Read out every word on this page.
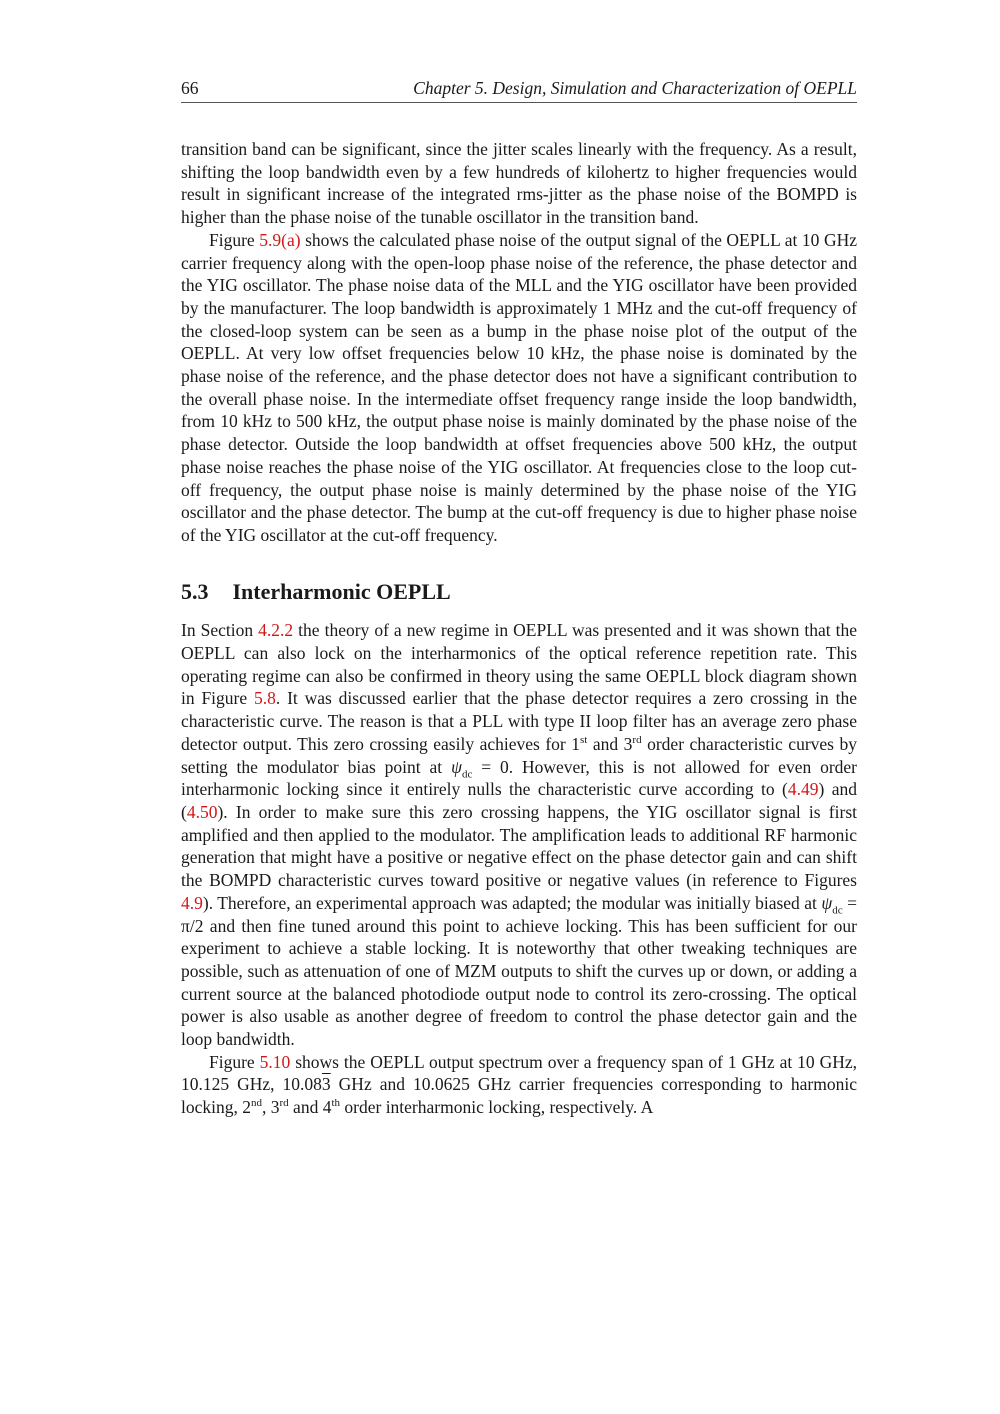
66	Chapter 5. Design, Simulation and Characterization of OEPLL

transition band can be significant, since the jitter scales linearly with the frequency. As a result, shifting the loop bandwidth even by a few hundreds of kilohertz to higher frequencies would result in significant increase of the integrated rms-jitter as the phase noise of the BOMPD is higher than the phase noise of the tunable oscillator in the transition band.

Figure 5.9(a) shows the calculated phase noise of the output signal of the OEPLL at 10 GHz carrier frequency along with the open-loop phase noise of the reference, the phase detector and the YIG oscillator. The phase noise data of the MLL and the YIG oscillator have been provided by the manufacturer. The loop bandwidth is approximately 1 MHz and the cut-off frequency of the closed-loop system can be seen as a bump in the phase noise plot of the output of the OEPLL. At very low offset frequencies below 10 kHz, the phase noise is dominated by the phase noise of the reference, and the phase detector does not have a significant contribution to the overall phase noise. In the intermediate offset frequency range inside the loop bandwidth, from 10 kHz to 500 kHz, the output phase noise is mainly dominated by the phase noise of the phase detector. Outside the loop bandwidth at offset frequencies above 500 kHz, the output phase noise reaches the phase noise of the YIG oscillator. At frequencies close to the loop cut-off frequency, the output phase noise is mainly determined by the phase noise of the YIG oscillator and the phase detector. The bump at the cut-off frequency is due to higher phase noise of the YIG oscillator at the cut-off frequency.

5.3 Interharmonic OEPLL

In Section 4.2.2 the theory of a new regime in OEPLL was presented and it was shown that the OEPLL can also lock on the interharmonics of the optical reference repetition rate. This operating regime can also be confirmed in theory using the same OEPLL block diagram shown in Figure 5.8. It was discussed earlier that the phase detector requires a zero crossing in the characteristic curve. The reason is that a PLL with type II loop filter has an average zero phase detector output. This zero crossing easily achieves for 1st and 3rd order characteristic curves by setting the modulator bias point at $\psi_{dc} = 0$. However, this is not allowed for even order interharmonic locking since it entirely nulls the characteristic curve according to (4.49) and (4.50). In order to make sure this zero crossing happens, the YIG oscillator signal is first amplified and then applied to the modulator. The amplification leads to additional RF harmonic generation that might have a positive or negative effect on the phase detector gain and can shift the BOMPD characteristic curves toward positive or negative values (in reference to Figures 4.9). Therefore, an experimental approach was adapted; the modular was initially biased at $\psi_{dc} = \pi/2$ and then fine tuned around this point to achieve locking. This has been sufficient for our experiment to achieve a stable locking. It is noteworthy that other tweaking techniques are possible, such as attenuation of one of MZM outputs to shift the curves up or down, or adding a current source at the balanced photodiode output node to control its zero-crossing. The optical power is also usable as another degree of freedom to control the phase detector gain and the loop bandwidth.

Figure 5.10 shows the OEPLL output spectrum over a frequency span of 1 GHz at 10 GHz, 10.125 GHz, 10.083 GHz and 10.0625 GHz carrier frequencies corresponding to harmonic locking, 2nd, 3rd and 4th order interharmonic locking, respectively. A
